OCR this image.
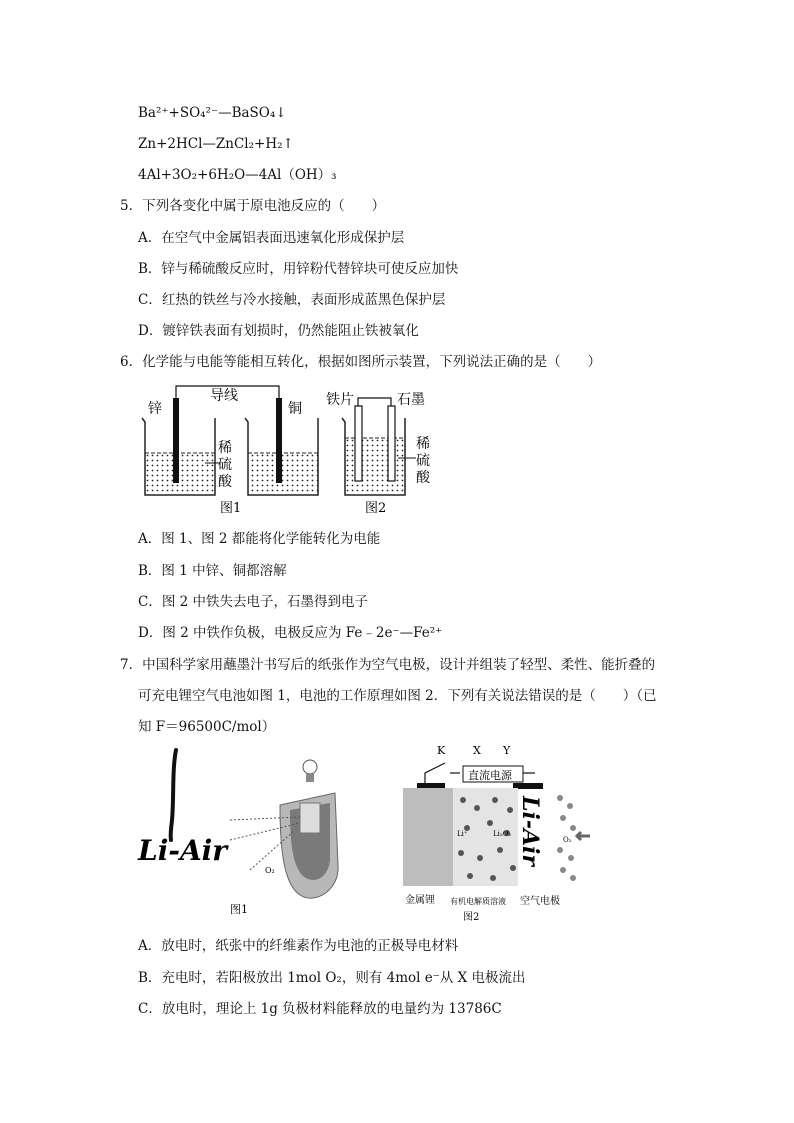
Ba²⁺+SO₄²⁻—BaSO₄↓
Zn+2HCl—ZnCl₂+H₂↑
4Al+3O₂+6H₂O—4Al（OH）₃
5．下列各变化中属于原电池反应的（　　）
A．在空气中金属铝表面迅速氧化形成保护层
B．锌与稀硫酸反应时，用锌粉代替锌块可使反应加快
C．红热的铁丝与冷水接触，表面形成蓝黑色保护层
D．镀锌铁表面有划损时，仍然能阻止铁被氧化
6．化学能与电能等能相互转化，根据如图所示装置，下列说法正确的是（　　）
锌
导线
铜
稀
硫
酸
图1
铁片	石墨
稀
硫
酸
图2
A．图 1、图 2 都能将化学能转化为电能
B．图 1 中锌、铜都溶解
C．图 2 中铁失去电子，石墨得到电子
D．图 2 中铁作负极，电极反应为 Fe﹣2e⁻—Fe²⁺
7．中国科学家用蘸墨汁书写后的纸张作为空气电极，设计并组装了轻型、柔性、能折叠的
可充电锂空气电池如图 1，电池的工作原理如图 2．下列有关说法错误的是（　　）（已
知 F＝96500C/mol）
Li-Air
O₂
图1
K	X Y
直流电源
Li⁺	Li₂O₂ Li-Air	O₂
金属锂 有机电解质溶液 空气电极
图2
A．放电时，纸张中的纤维素作为电池的正极导电材料
B．充电时，若阳极放出 1mol O₂，则有 4mol e⁻从 X 电极流出
C．放电时，理论上 1g 负极材料能释放的电量约为 13786C
